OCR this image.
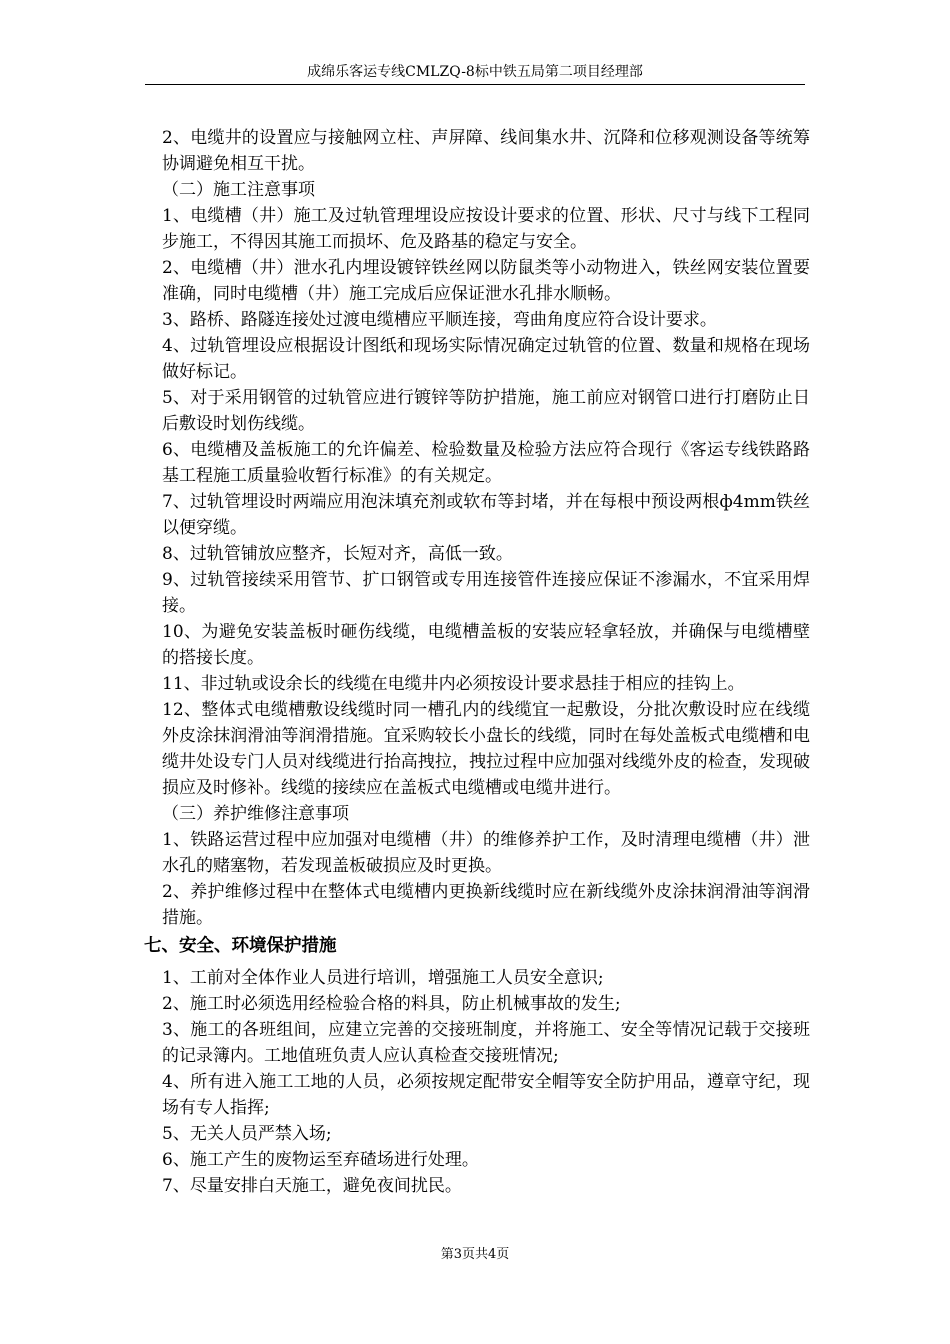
成绵乐客运专线CMLZQ-8标中铁五局第二项目经理部

2、电缆井的设置应与接触网立柱、声屏障、线间集水井、沉降和位移观测设备等统筹协调避免相互干扰。

（二）施工注意事项

1、电缆槽（井）施工及过轨管理埋设应按设计要求的位置、形状、尺寸与线下工程同步施工，不得因其施工而损坏、危及路基的稳定与安全。

2、电缆槽（井）泄水孔内埋设镀锌铁丝网以防鼠类等小动物进入，铁丝网安装位置要准确，同时电缆槽（井）施工完成后应保证泄水孔排水顺畅。

3、路桥、路隧连接处过渡电缆槽应平顺连接，弯曲角度应符合设计要求。

4、过轨管埋设应根据设计图纸和现场实际情况确定过轨管的位置、数量和规格在现场做好标记。

5、对于采用钢管的过轨管应进行镀锌等防护措施，施工前应对钢管口进行打磨防止日后敷设时划伤线缆。

6、电缆槽及盖板施工的允许偏差、检验数量及检验方法应符合现行《客运专线铁路路基工程施工质量验收暂行标准》的有关规定。

7、过轨管埋设时两端应用泡沫填充剂或软布等封堵，并在每根中预设两根ф4mm铁丝以便穿缆。

8、过轨管铺放应整齐，长短对齐，高低一致。

9、过轨管接续采用管节、扩口钢管或专用连接管件连接应保证不渗漏水，不宜采用焊接。

10、为避免安装盖板时砸伤线缆，电缆槽盖板的安装应轻拿轻放，并确保与电缆槽壁的搭接长度。

11、非过轨或设余长的线缆在电缆井内必须按设计要求悬挂于相应的挂钩上。

12、整体式电缆槽敷设线缆时同一槽孔内的线缆宜一起敷设，分批次敷设时应在线缆外皮涂抹润滑油等润滑措施。宜采购较长小盘长的线缆，同时在每处盖板式电缆槽和电缆井处设专门人员对线缆进行抬高拽拉，拽拉过程中应加强对线缆外皮的检查，发现破损应及时修补。线缆的接续应在盖板式电缆槽或电缆井进行。

（三）养护维修注意事项

1、铁路运营过程中应加强对电缆槽（井）的维修养护工作，及时清理电缆槽（井）泄水孔的赌塞物，若发现盖板破损应及时更换。

2、养护维修过程中在整体式电缆槽内更换新线缆时应在新线缆外皮涂抹润滑油等润滑措施。

七、安全、环境保护措施

1、工前对全体作业人员进行培训，增强施工人员安全意识;

2、施工时必须选用经检验合格的料具，防止机械事故的发生;

3、施工的各班组间，应建立完善的交接班制度，并将施工、安全等情况记载于交接班的记录簿内。工地值班负责人应认真检查交接班情况;

4、所有进入施工工地的人员，必须按规定配带安全帽等安全防护用品，遵章守纪，现场有专人指挥;

5、无关人员严禁入场;

6、施工产生的废物运至弃碴场进行处理。

7、尽量安排白天施工，避免夜间扰民。

第3页共4页
